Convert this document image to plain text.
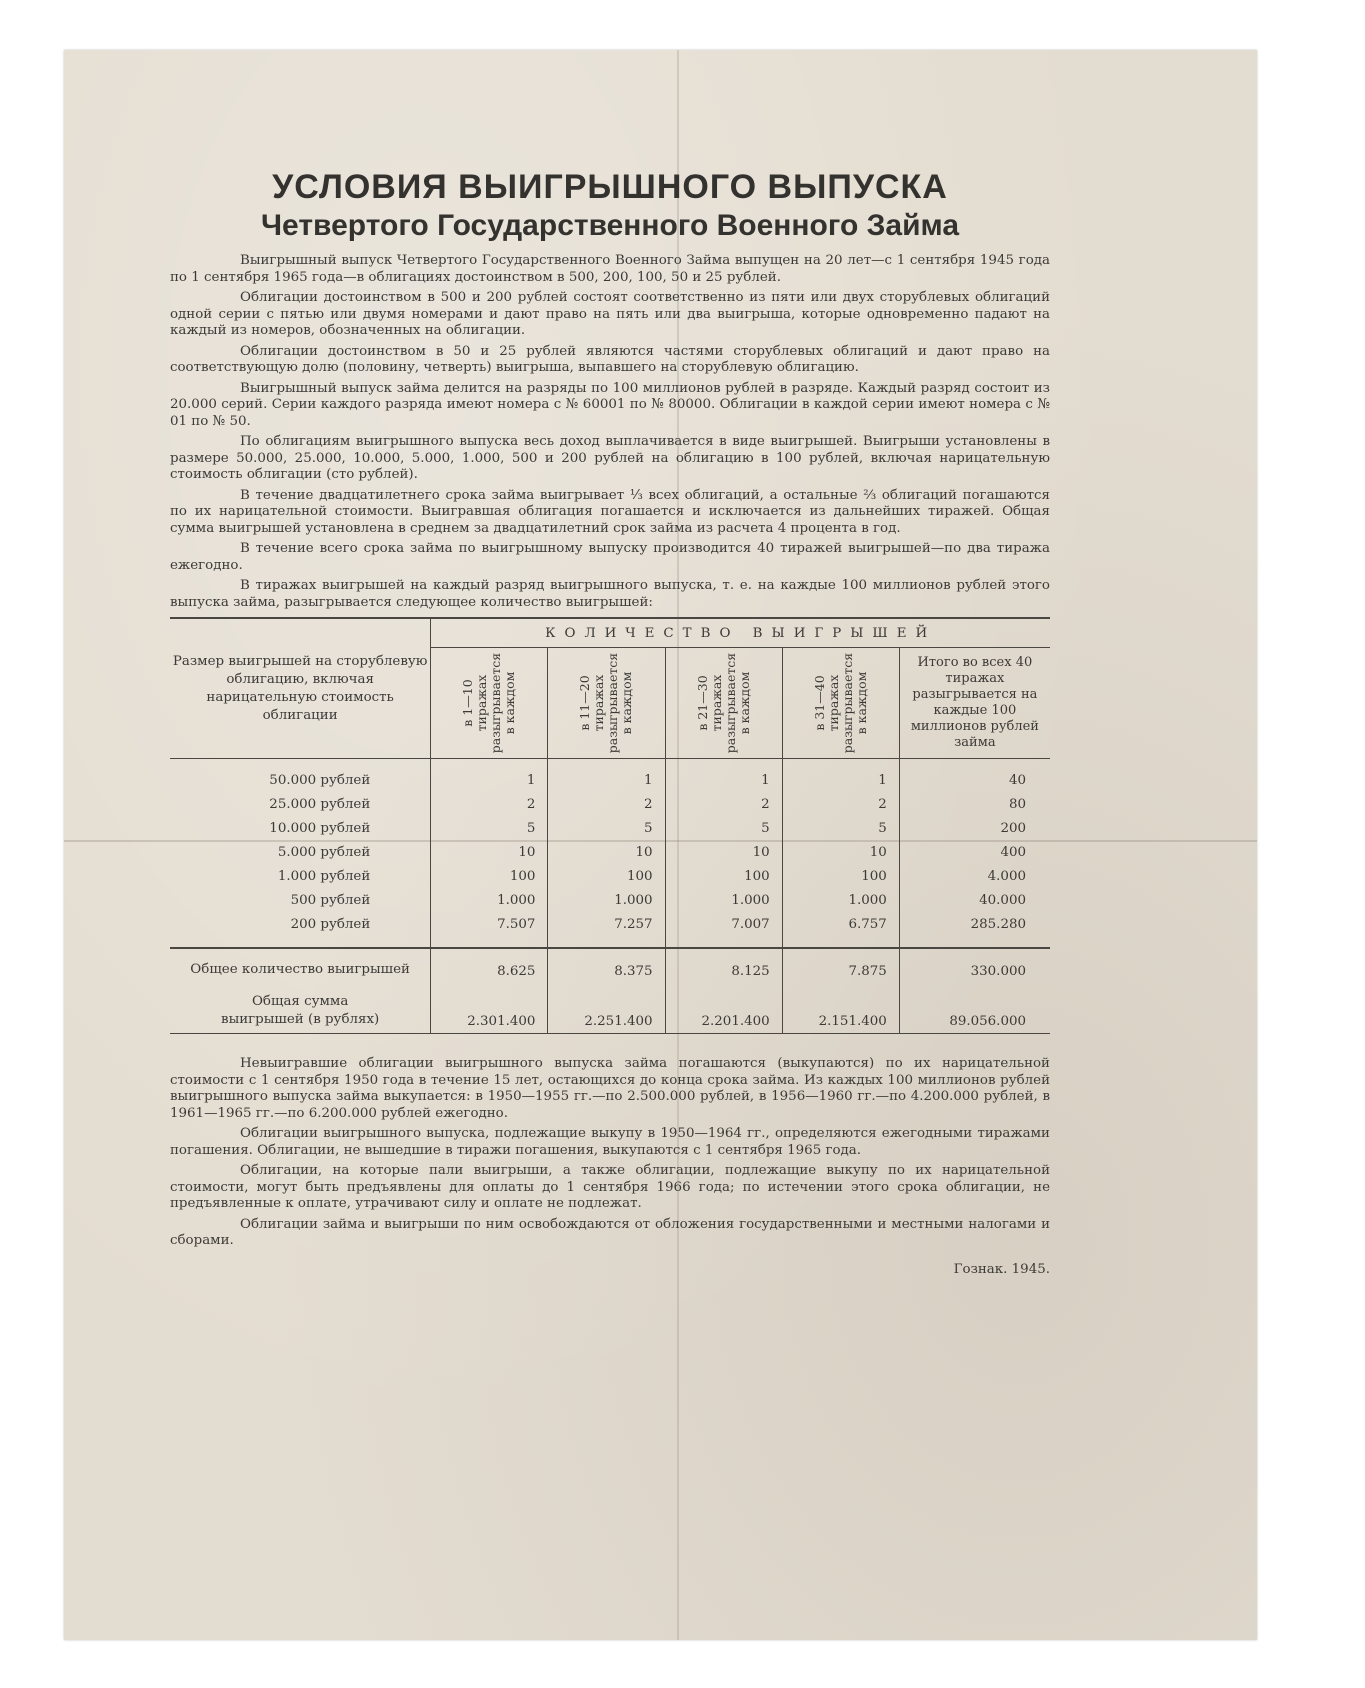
УСЛОВИЯ ВЫИГРЫШНОГО ВЫПУСКА
Четвертого Государственного Военного Займа

Выигрышный выпуск Четвертого Государственного Военного Займа выпущен на 20 лет—с 1 сентября 1945 года по 1 сентября 1965 года—в облигациях достоинством в 500, 200, 100, 50 и 25 рублей.

Облигации достоинством в 500 и 200 рублей состоят соответственно из пяти или двух сторублевых облигаций одной серии с пятью или двумя номерами и дают право на пять или два выигрыша, которые одновременно падают на каждый из номеров, обозначенных на облигации.

Облигации достоинством в 50 и 25 рублей являются частями сторублевых облигаций и дают право на соответствующую долю (половину, четверть) выигрыша, выпавшего на сторублевую облигацию.

Выигрышный выпуск займа делится на разряды по 100 миллионов рублей в разряде. Каждый разряд состоит из 20.000 серий. Серии каждого разряда имеют номера с № 60001 по № 80000. Облигации в каждой серии имеют номера с № 01 по № 50.

По облигациям выигрышного выпуска весь доход выплачивается в виде выигрышей. Выигрыши установлены в размере 50.000, 25.000, 10.000, 5.000, 1.000, 500 и 200 рублей на облигацию в 100 рублей, включая нарицательную стоимость облигации (сто рублей).

В течение двадцатилетнего срока займа выигрывает ⅓ всех облигаций, а остальные ⅔ облигаций погашаются по их нарицательной стоимости. Выигравшая облигация погашается и исключается из дальнейших тиражей. Общая сумма выигрышей установлена в среднем за двадцатилетний срок займа из расчета 4 процента в год.

В течение всего срока займа по выигрышному выпуску производится 40 тиражей выигрышей—по два тиража ежегодно.

В тиражах выигрышей на каждый разряд выигрышного выпуска, т. е. на каждые 100 миллионов рублей этого выпуска займа, разыгрывается следующее количество выигрышей:

Размер выигрышей на сторублевую облигацию, включая нарицательную стоимость облигации	КОЛИЧЕСТВО ВЫИГРЫШЕЙ				

	в 1—10 тиражах разыгрывается в каждом	в 11—20 тиражах разыгрывается в каждом	в 21—30 тиражах разыгрывается в каждом	в 31—40 тиражах разыгрывается в каждом	Итого во всех 40 тиражах разыгрывается на каждые 100 миллионов рублей займа

50.000 рублей	1	1	1	1	40
25.000 рублей	2	2	2	2	80
10.000 рублей	5	5	5	5	200
5.000 рублей	10	10	10	10	400
1.000 рублей	100	100	100	100	4.000
500 рублей	1.000	1.000	1.000	1.000	40.000
200 рублей	7.507	7.257	7.007	6.757	285.280

Общее количество выигрышей	8.625	8.375	8.125	7.875	330.000

Общая сумма выигрышей (в рублях)	2.301.400	2.251.400	2.201.400	2.151.400	89.056.000

Невыигравшие облигации выигрышного выпуска займа погашаются (выкупаются) по их нарицательной стоимости с 1 сентября 1950 года в течение 15 лет, остающихся до конца срока займа. Из каждых 100 миллионов рублей выигрышного выпуска займа выкупается: в 1950—1955 гг.—по 2.500.000 рублей, в 1956—1960 гг.—по 4.200.000 рублей, в 1961—1965 гг.—по 6.200.000 рублей ежегодно.

Облигации выигрышного выпуска, подлежащие выкупу в 1950—1964 гг., определяются ежегодными тиражами погашения. Облигации, не вышедшие в тиражи погашения, выкупаются с 1 сентября 1965 года.

Облигации, на которые пали выигрыши, а также облигации, подлежащие выкупу по их нарицательной стоимости, могут быть предъявлены для оплаты до 1 сентября 1966 года; по истечении этого срока облигации, не предъявленные к оплате, утрачивают силу и оплате не подлежат.

Облигации займа и выигрыши по ним освобождаются от обложения государственными и местными налогами и сборами.

Гознак. 1945.
